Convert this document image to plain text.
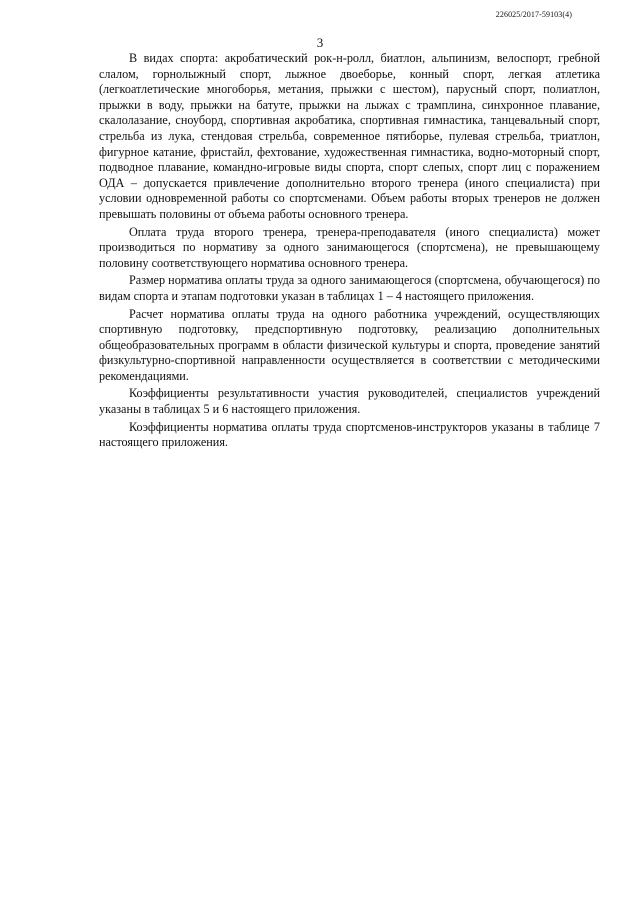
226025/2017-59103(4)
3

В видах спорта: акробатический рок-н-ролл, биатлон, альпинизм, велоспорт, гребной слалом, горнолыжный спорт, лыжное двоеборье, конный спорт, легкая атлетика (легкоатлетические многоборья, метания, прыжки с шестом), парусный спорт, полиатлон, прыжки в воду, прыжки на батуте, прыжки на лыжах с трамплина, синхронное плавание, скалолазание, сноуборд, спортивная акробатика, спортивная гимнастика, танцевальный спорт, стрельба из лука, стендовая стрельба, современное пятиборье, пулевая стрельба, триатлон, фигурное катание, фристайл, фехтование, художественная гимнастика, водно-моторный спорт, подводное плавание, командно-игровые виды спорта, спорт слепых, спорт лиц с поражением ОДА – допускается привлечение дополнительно второго тренера (иного специалиста) при условии одновременной работы со спортсменами. Объем работы вторых тренеров не должен превышать половины от объема работы основного тренера.

Оплата труда второго тренера, тренера-преподавателя (иного специалиста) может производиться по нормативу за одного занимающегося (спортсмена), не превышающему половину соответствующего норматива основного тренера.

Размер норматива оплаты труда за одного занимающегося (спортсмена, обучающегося) по видам спорта и этапам подготовки указан в таблицах 1 – 4 настоящего приложения.

Расчет норматива оплаты труда на одного работника учреждений, осуществляющих спортивную подготовку, предспортивную подготовку, реализацию дополнительных общеобразовательных программ в области физической культуры и спорта, проведение занятий физкультурно-спортивной направленности осуществляется в соответствии с методическими рекомендациями.

Коэффициенты результативности участия руководителей, специалистов учреждений указаны в таблицах 5 и 6 настоящего приложения.

Коэффициенты норматива оплаты труда спортсменов-инструкторов указаны в таблице 7 настоящего приложения.
